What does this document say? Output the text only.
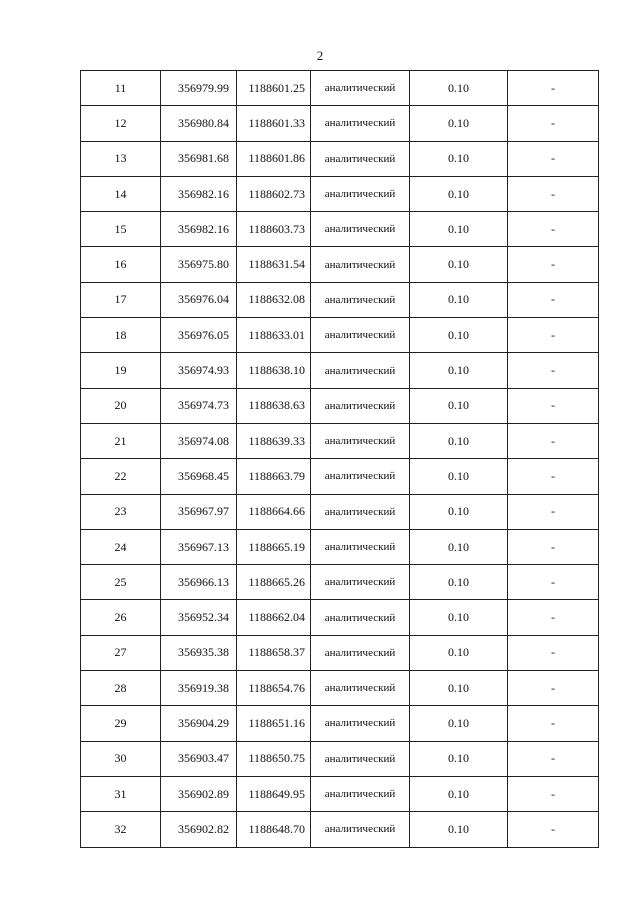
2
11	356979.99	1188601.25	аналитический	0.10	-
12	356980.84	1188601.33	аналитический	0.10	-
13	356981.68	1188601.86	аналитический	0.10	-
14	356982.16	1188602.73	аналитический	0.10	-
15	356982.16	1188603.73	аналитический	0.10	-
16	356975.80	1188631.54	аналитический	0.10	-
17	356976.04	1188632.08	аналитический	0.10	-
18	356976.05	1188633.01	аналитический	0.10	-
19	356974.93	1188638.10	аналитический	0.10	-
20	356974.73	1188638.63	аналитический	0.10	-
21	356974.08	1188639.33	аналитический	0.10	-
22	356968.45	1188663.79	аналитический	0.10	-
23	356967.97	1188664.66	аналитический	0.10	-
24	356967.13	1188665.19	аналитический	0.10	-
25	356966.13	1188665.26	аналитический	0.10	-
26	356952.34	1188662.04	аналитический	0.10	-
27	356935.38	1188658.37	аналитический	0.10	-
28	356919.38	1188654.76	аналитический	0.10	-
29	356904.29	1188651.16	аналитический	0.10	-
30	356903.47	1188650.75	аналитический	0.10	-
31	356902.89	1188649.95	аналитический	0.10	-
32	356902.82	1188648.70	аналитический	0.10	-
